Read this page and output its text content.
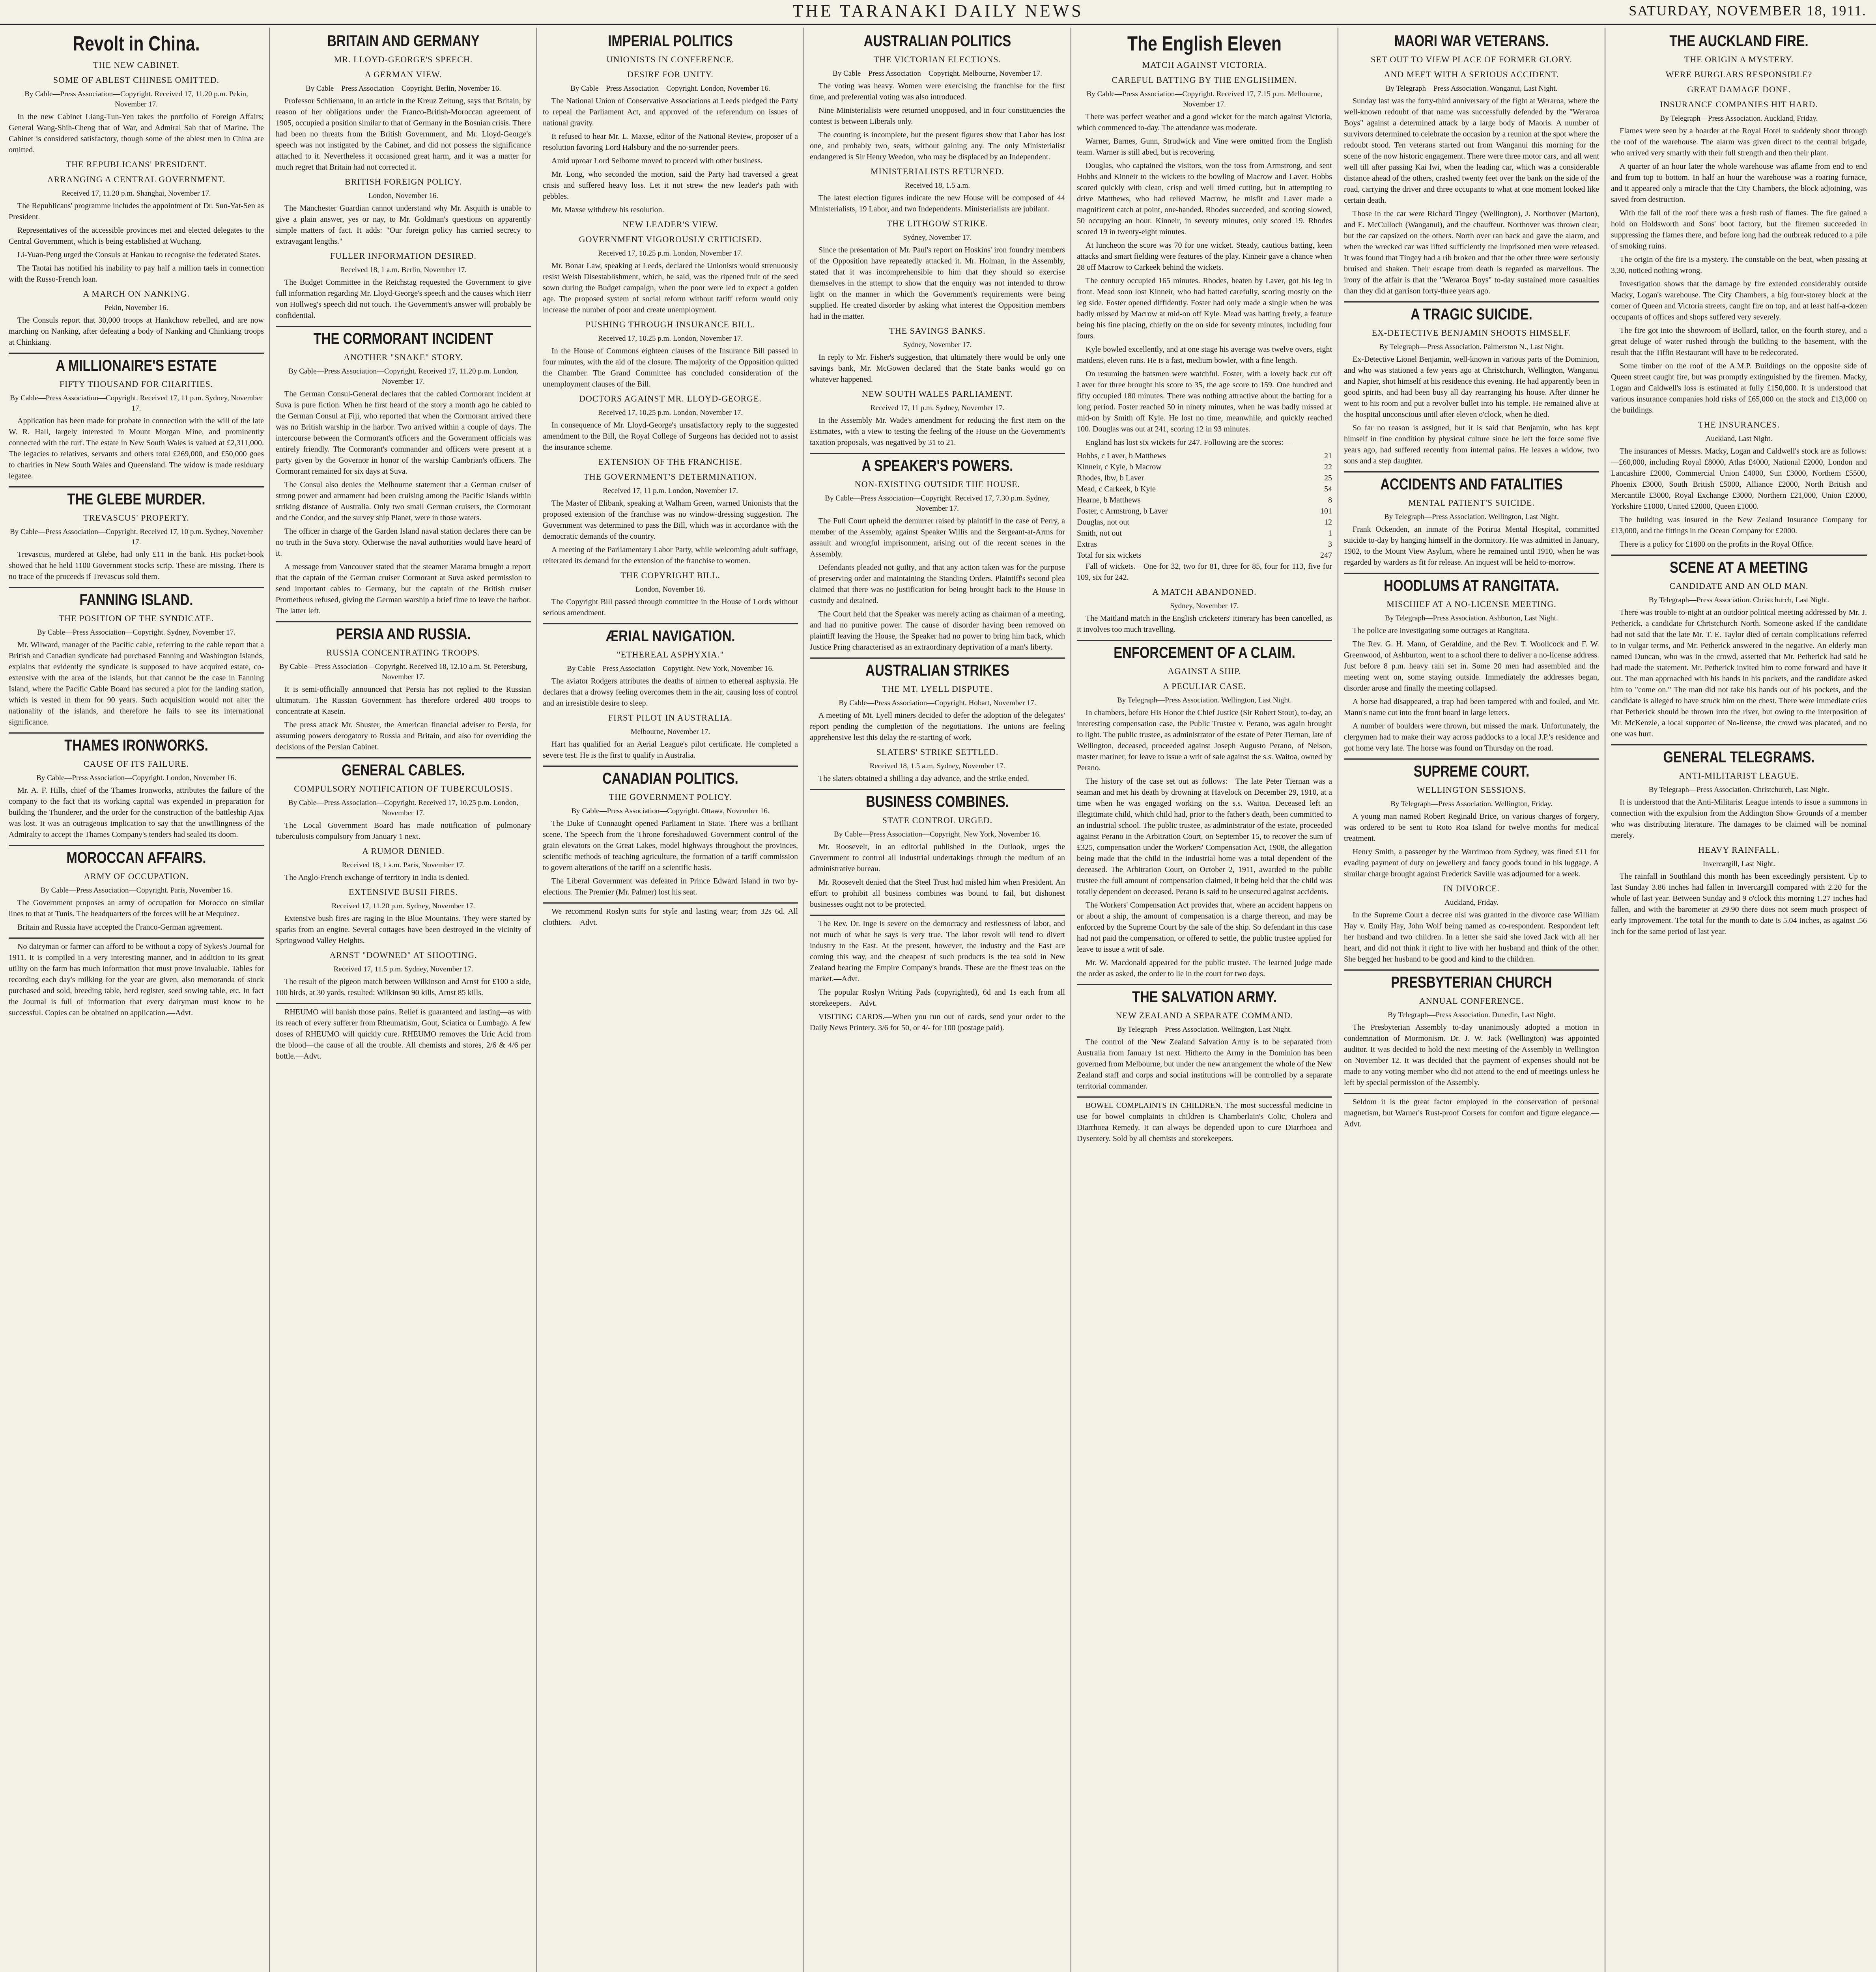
THE TARANAKI DAILY NEWS	SATURDAY, NOVEMBER 18, 1911.
Revolt in China.
THE NEW CABINET.
SOME OF ABLEST CHINESE OMITTED.
By Cable—Press Association—Copyright. Received 17, 11.20 p.m. Pekin, November 17.

In the new Cabinet Liang-Tun-Yen takes the portfolio of Foreign Affairs; General Wang-Shih-Cheng that of War, and Admiral Sah that of Marine. The Cabinet is considered satisfactory, though some of the ablest men in China are omitted.

THE REPUBLICANS' PRESIDENT.
ARRANGING A CENTRAL GOVERNMENT.
Received 17, 11.20 p.m. Shanghai, November 17.

The Republicans' programme includes the appointment of Dr. Sun-Yat-Sen as President.

Representatives of the accessible provinces met and elected delegates to the Central Government, which is being established at Wuchang.

Li-Yuan-Peng urged the Consuls at Hankau to recognise the federated States.

The Taotai has notified his inability to pay half a million taels in connection with the Russo-French loan.

A MARCH ON NANKING.
Pekin, November 16.

The Consuls report that 30,000 troops at Hankchow rebelled, and are now marching on Nanking, after defeating a body of Nanking and Chinkiang troops at Chinkiang.

A MILLIONAIRE'S ESTATE
FIFTY THOUSAND FOR CHARITIES.
By Cable—Press Association—Copyright. Received 17, 11 p.m. Sydney, November 17.

Application has been made for probate in connection with the will of the late W. R. Hall, largely interested in Mount Morgan Mine, and prominently connected with the turf. The estate in New South Wales is valued at £2,311,000. The legacies to relatives, servants and others total £269,000, and £50,000 goes to charities in New South Wales and Queensland. The widow is made residuary legatee.

THE GLEBE MURDER.
TREVASCUS' PROPERTY.
By Cable—Press Association—Copyright. Received 17, 10 p.m. Sydney, November 17.

Trevascus, murdered at Glebe, had only £11 in the bank. His pocket-book showed that he held 1100 Government stocks scrip. These are missing. There is no trace of the proceeds if Trevascus sold them.

FANNING ISLAND.
THE POSITION OF THE SYNDICATE.
By Cable—Press Association—Copyright. Sydney, November 17.

Mr. Wilward, manager of the Pacific cable, referring to the cable report that a British and Canadian syndicate had purchased Fanning and Washington Islands, explains that evidently the syndicate is supposed to have acquired estate, co-extensive with the area of the islands, but that cannot be the case in Fanning Island, where the Pacific Cable Board has secured a plot for the landing station, which is vested in them for 90 years. Such acquisition would not alter the nationality of the islands, and therefore he fails to see its international significance.

THAMES IRONWORKS.
CAUSE OF ITS FAILURE.
By Cable—Press Association—Copyright. London, November 16.

Mr. A. F. Hills, chief of the Thames Ironworks, attributes the failure of the company to the fact that its working capital was expended in preparation for building the Thunderer, and the order for the construction of the battleship Ajax was lost. It was an outrageous implication to say that the unwillingness of the Admiralty to accept the Thames Company's tenders had sealed its doom.

MOROCCAN AFFAIRS.
ARMY OF OCCUPATION.
By Cable—Press Association—Copyright. Paris, November 16.

The Government proposes an army of occupation for Morocco on similar lines to that at Tunis. The headquarters of the forces will be at Mequinez.

Britain and Russia have accepted the Franco-German agreement.

No dairyman or farmer can afford to be without a copy of Sykes's Journal for 1911. It is compiled in a very interesting manner, and in addition to its great utility on the farm has much information that must prove invaluable. Tables for recording each day's milking for the year are given, also memoranda of stock purchased and sold, breeding table, herd register, seed sowing table, etc. In fact the Journal is full of information that every dairyman must know to be successful. Copies can be obtained on application.—Advt.

BRITAIN AND GERMANY
MR. LLOYD-GEORGE'S SPEECH.
A GERMAN VIEW.
By Cable—Press Association—Copyright. Berlin, November 16.

Professor Schliemann, in an article in the Kreuz Zeitung, says that Britain, by reason of her obligations under the Franco-British-Moroccan agreement of 1905, occupied a position similar to that of Germany in the Bosnian crisis. There had been no threats from the British Government, and Mr. Lloyd-George's speech was not instigated by the Cabinet, and did not possess the significance attached to it. Nevertheless it occasioned great harm, and it was a matter for much regret that Britain had not corrected it.

BRITISH FOREIGN POLICY.
London, November 16.

The Manchester Guardian cannot understand why Mr. Asquith is unable to give a plain answer, yes or nay, to Mr. Goldman's questions on apparently simple matters of fact. It adds: "Our foreign policy has carried secrecy to extravagant lengths."

FULLER INFORMATION DESIRED.
Received 18, 1 a.m. Berlin, November 17.

The Budget Committee in the Reichstag requested the Government to give full information regarding Mr. Lloyd-George's speech and the causes which Herr von Hollweg's speech did not touch. The Government's answer will probably be confidential.

THE CORMORANT INCIDENT
ANOTHER "SNAKE" STORY.
By Cable—Press Association—Copyright. Received 17, 11.20 p.m. London, November 17.

The German Consul-General declares that the cabled Cormorant incident at Suva is pure fiction. When he first heard of the story a month ago he cabled to the German Consul at Fiji, who reported that when the Cormorant arrived there was no British warship in the harbor. Two arrived within a couple of days. The intercourse between the Cormorant's officers and the Government officials was entirely friendly. The Cormorant's commander and officers were present at a party given by the Governor in honor of the warship Cambrian's officers. The Cormorant remained for six days at Suva.

The Consul also denies the Melbourne statement that a German cruiser of strong power and armament had been cruising among the Pacific Islands within striking distance of Australia. Only two small German cruisers, the Cormorant and the Condor, and the survey ship Planet, were in those waters.

The officer in charge of the Garden Island naval station declares there can be no truth in the Suva story. Otherwise the naval authorities would have heard of it.

A message from Vancouver stated that the steamer Marama brought a report that the captain of the German cruiser Cormorant at Suva asked permission to send important cables to Germany, but the captain of the British cruiser Prometheus refused, giving the German warship a brief time to leave the harbor. The latter left.

PERSIA AND RUSSIA.
RUSSIA CONCENTRATING TROOPS.
By Cable—Press Association—Copyright. Received 18, 12.10 a.m. St. Petersburg, November 17.

It is semi-officially announced that Persia has not replied to the Russian ultimatum. The Russian Government has therefore ordered 400 troops to concentrate at Kasein.

The press attack Mr. Shuster, the American financial adviser to Persia, for assuming powers derogatory to Russia and Britain, and also for overriding the decisions of the Persian Cabinet.

GENERAL CABLES.
COMPULSORY NOTIFICATION OF TUBERCULOSIS.
By Cable—Press Association—Copyright. Received 17, 10.25 p.m. London, November 17.

The Local Government Board has made notification of pulmonary tuberculosis compulsory from January 1 next.

A RUMOR DENIED.
Received 18, 1 a.m. Paris, November 17.

The Anglo-French exchange of territory in India is denied.

EXTENSIVE BUSH FIRES.
Received 17, 11.20 p.m. Sydney, November 17.

Extensive bush fires are raging in the Blue Mountains. They were started by sparks from an engine. Several cottages have been destroyed in the vicinity of Springwood Valley Heights.

ARNST "DOWNED" AT SHOOTING.
Received 17, 11.5 p.m. Sydney, November 17.

The result of the pigeon match between Wilkinson and Arnst for £100 a side, 100 birds, at 30 yards, resulted: Wilkinson 90 kills, Arnst 85 kills.

RHEUMO will banish those pains. Relief is guaranteed and lasting—as with its reach of every sufferer from Rheumatism, Gout, Sciatica or Lumbago. A few doses of RHEUMO will quickly cure. RHEUMO removes the Uric Acid from the blood—the cause of all the trouble. All chemists and stores, 2/6 & 4/6 per bottle.—Advt.

IMPERIAL POLITICS
UNIONISTS IN CONFERENCE.
DESIRE FOR UNITY.
By Cable—Press Association—Copyright. London, November 16.

The National Union of Conservative Associations at Leeds pledged the Party to repeal the Parliament Act, and approved of the referendum on issues of national gravity.

It refused to hear Mr. L. Maxse, editor of the National Review, proposer of a resolution favoring Lord Halsbury and the no-surrender peers.

Amid uproar Lord Selborne moved to proceed with other business.

Mr. Long, who seconded the motion, said the Party had traversed a great crisis and suffered heavy loss. Let it not strew the new leader's path with pebbles.

Mr. Maxse withdrew his resolution.

NEW LEADER'S VIEW.
GOVERNMENT VIGOROUSLY CRITICISED.
Received 17, 10.25 p.m. London, November 17.

Mr. Bonar Law, speaking at Leeds, declared the Unionists would strenuously resist Welsh Disestablishment, which, he said, was the ripened fruit of the seed sown during the Budget campaign, when the poor were led to expect a golden age. The proposed system of social reform without tariff reform would only increase the number of poor and create unemployment.

PUSHING THROUGH INSURANCE BILL.
Received 17, 10.25 p.m. London, November 17.

In the House of Commons eighteen clauses of the Insurance Bill passed in four minutes, with the aid of the closure. The majority of the Opposition quitted the Chamber. The Grand Committee has concluded consideration of the unemployment clauses of the Bill.

DOCTORS AGAINST MR. LLOYD-GEORGE.
Received 17, 10.25 p.m. London, November 17.

In consequence of Mr. Lloyd-George's unsatisfactory reply to the suggested amendment to the Bill, the Royal College of Surgeons has decided not to assist the insurance scheme.

EXTENSION OF THE FRANCHISE.
THE GOVERNMENT'S DETERMINATION.
Received 17, 11 p.m. London, November 17.

The Master of Elibank, speaking at Walham Green, warned Unionists that the proposed extension of the franchise was no window-dressing suggestion. The Government was determined to pass the Bill, which was in accordance with the democratic demands of the country.

A meeting of the Parliamentary Labor Party, while welcoming adult suffrage, reiterated its demand for the extension of the franchise to women.

THE COPYRIGHT BILL.
London, November 16.

The Copyright Bill passed through committee in the House of Lords without serious amendment.

ÆRIAL NAVIGATION.
"ETHEREAL ASPHYXIA."
By Cable—Press Association—Copyright. New York, November 16.

The aviator Rodgers attributes the deaths of airmen to ethereal asphyxia. He declares that a drowsy feeling overcomes them in the air, causing loss of control and an irresistible desire to sleep.

FIRST PILOT IN AUSTRALIA.
Melbourne, November 17.

Hart has qualified for an Aerial League's pilot certificate. He completed a severe test. He is the first to qualify in Australia.

CANADIAN POLITICS.
THE GOVERNMENT POLICY.
By Cable—Press Association—Copyright. Ottawa, November 16.

The Duke of Connaught opened Parliament in State. There was a brilliant scene. The Speech from the Throne foreshadowed Government control of the grain elevators on the Great Lakes, model highways throughout the provinces, scientific methods of teaching agriculture, the formation of a tariff commission to govern alterations of the tariff on a scientific basis.

The Liberal Government was defeated in Prince Edward Island in two by-elections. The Premier (Mr. Palmer) lost his seat.

We recommend Roslyn suits for style and lasting wear; from 32s 6d. All clothiers.—Advt.

AUSTRALIAN POLITICS
THE VICTORIAN ELECTIONS.
By Cable—Press Association—Copyright. Melbourne, November 17.

The voting was heavy. Women were exercising the franchise for the first time, and preferential voting was also introduced.

Nine Ministerialists were returned unopposed, and in four constituencies the contest is between Liberals only.

The counting is incomplete, but the present figures show that Labor has lost one, and probably two, seats, without gaining any. The only Ministerialist endangered is Sir Henry Weedon, who may be displaced by an Independent.

MINISTERIALISTS RETURNED.
Received 18, 1.5 a.m.

The latest election figures indicate the new House will be composed of 44 Ministerialists, 19 Labor, and two Independents. Ministerialists are jubilant.

THE LITHGOW STRIKE.
Sydney, November 17.

Since the presentation of Mr. Paul's report on Hoskins' iron foundry members of the Opposition have repeatedly attacked it. Mr. Holman, in the Assembly, stated that it was incomprehensible to him that they should so exercise themselves in the attempt to show that the enquiry was not intended to throw light on the manner in which the Government's requirements were being supplied. He created disorder by asking what interest the Opposition members had in the matter.

THE SAVINGS BANKS.
Sydney, November 17.

In reply to Mr. Fisher's suggestion, that ultimately there would be only one savings bank, Mr. McGowen declared that the State banks would go on whatever happened.

NEW SOUTH WALES PARLIAMENT.
Received 17, 11 p.m. Sydney, November 17.

In the Assembly Mr. Wade's amendment for reducing the first item on the Estimates, with a view to testing the feeling of the House on the Government's taxation proposals, was negatived by 31 to 21.

A SPEAKER'S POWERS.
NON-EXISTING OUTSIDE THE HOUSE.
By Cable—Press Association—Copyright. Received 17, 7.30 p.m. Sydney, November 17.

The Full Court upheld the demurrer raised by plaintiff in the case of Perry, a member of the Assembly, against Speaker Willis and the Sergeant-at-Arms for assault and wrongful imprisonment, arising out of the recent scenes in the Assembly.

Defendants pleaded not guilty, and that any action taken was for the purpose of preserving order and maintaining the Standing Orders. Plaintiff's second plea claimed that there was no justification for being brought back to the House in custody and detained.

The Court held that the Speaker was merely acting as chairman of a meeting, and had no punitive power. The cause of disorder having been removed on plaintiff leaving the House, the Speaker had no power to bring him back, which Justice Pring characterised as an extraordinary deprivation of a man's liberty.

AUSTRALIAN STRIKES
THE MT. LYELL DISPUTE.
By Cable—Press Association—Copyright. Hobart, November 17.

A meeting of Mt. Lyell miners decided to defer the adoption of the delegates' report pending the completion of the negotiations. The unions are feeling apprehensive lest this delay the re-starting of work.

SLATERS' STRIKE SETTLED.
Received 18, 1.5 a.m. Sydney, November 17.

The slaters obtained a shilling a day advance, and the strike ended.

BUSINESS COMBINES.
STATE CONTROL URGED.
By Cable—Press Association—Copyright. New York, November 16.

Mr. Roosevelt, in an editorial published in the Outlook, urges the Government to control all industrial undertakings through the medium of an administrative bureau.

Mr. Roosevelt denied that the Steel Trust had misled him when President. An effort to prohibit all business combines was bound to fail, but dishonest businesses ought not to be protected.

The Rev. Dr. Inge is severe on the democracy and restlessness of labor, and not much of what he says is very true. The labor revolt will tend to divert industry to the East. At the present, however, the industry and the East are coming this way, and the cheapest of such products is the tea sold in New Zealand bearing the Empire Company's brands. These are the finest teas on the market.—Advt.

The popular Roslyn Writing Pads (copyrighted), 6d and 1s each from all storekeepers.—Advt.

VISITING CARDS.—When you run out of cards, send your order to the Daily News Printery. 3/6 for 50, or 4/- for 100 (postage paid).

The English Eleven
MATCH AGAINST VICTORIA.
CAREFUL BATTING BY THE ENGLISHMEN.
By Cable—Press Association—Copyright. Received 17, 7.15 p.m. Melbourne, November 17.

There was perfect weather and a good wicket for the match against Victoria, which commenced to-day. The attendance was moderate.

Warner, Barnes, Gunn, Strudwick and Vine were omitted from the English team. Warner is still abed, but is recovering.

Douglas, who captained the visitors, won the toss from Armstrong, and sent Hobbs and Kinneir to the wickets to the bowling of Macrow and Laver. Hobbs scored quickly with clean, crisp and well timed cutting, but in attempting to drive Matthews, who had relieved Macrow, he misfit and Laver made a magnificent catch at point, one-handed. Rhodes succeeded, and scoring slowed, 50 occupying an hour. Kinneir, in seventy minutes, only scored 19. Rhodes scored 19 in twenty-eight minutes.

At luncheon the score was 70 for one wicket. Steady, cautious batting, keen attacks and smart fielding were features of the play. Kinneir gave a chance when 28 off Macrow to Carkeek behind the wickets.

The century occupied 165 minutes. Rhodes, beaten by Laver, got his leg in front. Mead soon lost Kinneir, who had batted carefully, scoring mostly on the leg side. Foster opened diffidently. Foster had only made a single when he was badly missed by Macrow at mid-on off Kyle. Mead was batting freely, a feature being his fine placing, chiefly on the on side for seventy minutes, including four fours.

Kyle bowled excellently, and at one stage his average was twelve overs, eight maidens, eleven runs. He is a fast, medium bowler, with a fine length.

On resuming the batsmen were watchful. Foster, with a lovely back cut off Laver for three brought his score to 35, the age score to 159. One hundred and fifty occupied 180 minutes. There was nothing attractive about the batting for a long period. Foster reached 50 in ninety minutes, when he was badly missed at mid-on by Smith off Kyle. He lost no time, meanwhile, and quickly reached 100. Douglas was out at 241, scoring 12 in 93 minutes.

England has lost six wickets for 247. Following are the scores:—

Hobbs, c Laver, b Matthews	21
Kinneir, c Kyle, b Macrow	22
Rhodes, lbw, b Laver	25
Mead, c Carkeek, b Kyle	54
Hearne, b Matthews	8
Foster, c Armstrong, b Laver	101
Douglas, not out	12
Smith, not out	1
Extras	3
Total for six wickets	247

Fall of wickets.—One for 32, two for 81, three for 85, four for 113, five for 109, six for 242.

A MATCH ABANDONED.
Sydney, November 17.

The Maitland match in the English cricketers' itinerary has been cancelled, as it involves too much travelling.

ENFORCEMENT OF A CLAIM.
AGAINST A SHIP.
A PECULIAR CASE.
By Telegraph—Press Association. Wellington, Last Night.

In chambers, before His Honor the Chief Justice (Sir Robert Stout), to-day, an interesting compensation case, the Public Trustee v. Perano, was again brought to light. The public trustee, as administrator of the estate of Peter Tiernan, late of Wellington, deceased, proceeded against Joseph Augusto Perano, of Nelson, master mariner, for leave to issue a writ of sale against the s.s. Waitoa, owned by Perano.

The history of the case set out as follows:—The late Peter Tiernan was a seaman and met his death by drowning at Havelock on December 29, 1910, at a time when he was engaged working on the s.s. Waitoa. Deceased left an illegitimate child, which child had, prior to the father's death, been committed to an industrial school. The public trustee, as administrator of the estate, proceeded against Perano in the Arbitration Court, on September 15, to recover the sum of £325, compensation under the Workers' Compensation Act, 1908, the allegation being made that the child in the industrial home was a total dependent of the deceased. The Arbitration Court, on October 2, 1911, awarded to the public trustee the full amount of compensation claimed, it being held that the child was totally dependent on deceased. Perano is said to be unsecured against accidents.

The Workers' Compensation Act provides that, where an accident happens on or about a ship, the amount of compensation is a charge thereon, and may be enforced by the Supreme Court by the sale of the ship. So defendant in this case had not paid the compensation, or offered to settle, the public trustee applied for leave to issue a writ of sale.

Mr. W. Macdonald appeared for the public trustee. The learned judge made the order as asked, the order to lie in the court for two days.

THE SALVATION ARMY.
NEW ZEALAND A SEPARATE COMMAND.
By Telegraph—Press Association. Wellington, Last Night.

The control of the New Zealand Salvation Army is to be separated from Australia from January 1st next. Hitherto the Army in the Dominion has been governed from Melbourne, but under the new arrangement the whole of the New Zealand staff and corps and social institutions will be controlled by a separate territorial commander.

BOWEL COMPLAINTS IN CHILDREN. The most successful medicine in use for bowel complaints in children is Chamberlain's Colic, Cholera and Diarrhoea Remedy. It can always be depended upon to cure Diarrhoea and Dysentery. Sold by all chemists and storekeepers.

MAORI WAR VETERANS.
SET OUT TO VIEW PLACE OF FORMER GLORY.
AND MEET WITH A SERIOUS ACCIDENT.
By Telegraph—Press Association. Wanganui, Last Night.

Sunday last was the forty-third anniversary of the fight at Weraroa, where the well-known redoubt of that name was successfully defended by the "Weraroa Boys" against a determined attack by a large body of Maoris. A number of survivors determined to celebrate the occasion by a reunion at the spot where the redoubt stood. Ten veterans started out from Wanganui this morning for the scene of the now historic engagement. There were three motor cars, and all went well till after passing Kai Iwi, when the leading car, which was a considerable distance ahead of the others, crashed twenty feet over the bank on the side of the road, carrying the driver and three occupants to what at one moment looked like certain death.

Those in the car were Richard Tingey (Wellington), J. Northover (Marton), and E. McCulloch (Wanganui), and the chauffeur. Northover was thrown clear, but the car capsized on the others. North over ran back and gave the alarm, and when the wrecked car was lifted sufficiently the imprisoned men were released. It was found that Tingey had a rib broken and that the other three were seriously bruised and shaken. Their escape from death is regarded as marvellous. The irony of the affair is that the "Weraroa Boys" to-day sustained more casualties than they did at garrison forty-three years ago.

A TRAGIC SUICIDE.
EX-DETECTIVE BENJAMIN SHOOTS HIMSELF.
By Telegraph—Press Association. Palmerston N., Last Night.

Ex-Detective Lionel Benjamin, well-known in various parts of the Dominion, and who was stationed a few years ago at Christchurch, Wellington, Wanganui and Napier, shot himself at his residence this evening. He had apparently been in good spirits, and had been busy all day rearranging his house. After dinner he went to his room and put a revolver bullet into his temple. He remained alive at the hospital unconscious until after eleven o'clock, when he died.

So far no reason is assigned, but it is said that Benjamin, who has kept himself in fine condition by physical culture since he left the force some five years ago, had suffered recently from internal pains. He leaves a widow, two sons and a step daughter.

ACCIDENTS AND FATALITIES
MENTAL PATIENT'S SUICIDE.
By Telegraph—Press Association. Wellington, Last Night.

Frank Ockenden, an inmate of the Porirua Mental Hospital, committed suicide to-day by hanging himself in the dormitory. He was admitted in January, 1902, to the Mount View Asylum, where he remained until 1910, when he was regarded by warders as fit for release. An inquest will be held to-morrow.

HOODLUMS AT RANGITATA.
MISCHIEF AT A NO-LICENSE MEETING.
By Telegraph—Press Association. Ashburton, Last Night.

The police are investigating some outrages at Rangitata.

The Rev. G. H. Mann, of Geraldine, and the Rev. T. Woollcock and F. W. Greenwood, of Ashburton, went to a school there to deliver a no-license address. Just before 8 p.m. heavy rain set in. Some 20 men had assembled and the meeting went on, some staying outside. Immediately the addresses began, disorder arose and finally the meeting collapsed.

A horse had disappeared, a trap had been tampered with and fouled, and Mr. Mann's name cut into the front board in large letters.

A number of boulders were thrown, but missed the mark. Unfortunately, the clergymen had to make their way across paddocks to a local J.P.'s residence and got home very late. The horse was found on Thursday on the road.

SUPREME COURT.
WELLINGTON SESSIONS.
By Telegraph—Press Association. Wellington, Friday.

A young man named Robert Reginald Brice, on various charges of forgery, was ordered to be sent to Roto Roa Island for twelve months for medical treatment.

Henry Smith, a passenger by the Warrimoo from Sydney, was fined £11 for evading payment of duty on jewellery and fancy goods found in his luggage. A similar charge brought against Frederick Saville was adjourned for a week.

IN DIVORCE.
Auckland, Friday.

In the Supreme Court a decree nisi was granted in the divorce case William Hay v. Emily Hay, John Wolf being named as co-respondent. Respondent left her husband and two children. In a letter she said she loved Jack with all her heart, and did not think it right to live with her husband and think of the other. She begged her husband to be good and kind to the children.

PRESBYTERIAN CHURCH
ANNUAL CONFERENCE.
By Telegraph—Press Association. Dunedin, Last Night.

The Presbyterian Assembly to-day unanimously adopted a motion in condemnation of Mormonism. Dr. J. W. Jack (Wellington) was appointed auditor. It was decided to hold the next meeting of the Assembly in Wellington on November 12. It was decided that the payment of expenses should not be made to any voting member who did not attend to the end of meetings unless he left by special permission of the Assembly.

Seldom it is the great factor employed in the conservation of personal magnetism, but Warner's Rust-proof Corsets for comfort and figure elegance.—Advt.

THE AUCKLAND FIRE.
THE ORIGIN A MYSTERY.
WERE BURGLARS RESPONSIBLE?
GREAT DAMAGE DONE.
INSURANCE COMPANIES HIT HARD.
By Telegraph—Press Association. Auckland, Friday.

Flames were seen by a boarder at the Royal Hotel to suddenly shoot through the roof of the warehouse. The alarm was given direct to the central brigade, who arrived very smartly with their full strength and then their plant.

A quarter of an hour later the whole warehouse was aflame from end to end and from top to bottom. In half an hour the warehouse was a roaring furnace, and it appeared only a miracle that the City Chambers, the block adjoining, was saved from destruction.

With the fall of the roof there was a fresh rush of flames. The fire gained a hold on Holdsworth and Sons' boot factory, but the firemen succeeded in suppressing the flames there, and before long had the outbreak reduced to a pile of smoking ruins.

The origin of the fire is a mystery. The constable on the beat, when passing at 3.30, noticed nothing wrong.

Investigation shows that the damage by fire extended considerably outside Macky, Logan's warehouse. The City Chambers, a big four-storey block at the corner of Queen and Victoria streets, caught fire on top, and at least half-a-dozen occupants of offices and shops suffered very severely.

The fire got into the showroom of Bollard, tailor, on the fourth storey, and a great deluge of water rushed through the building to the basement, with the result that the Tiffin Restaurant will have to be redecorated.

Some timber on the roof of the A.M.P. Buildings on the opposite side of Queen street caught fire, but was promptly extinguished by the firemen. Macky, Logan and Caldwell's loss is estimated at fully £150,000. It is understood that various insurance companies hold risks of £65,000 on the stock and £13,000 on the buildings.

THE INSURANCES.
Auckland, Last Night.

The insurances of Messrs. Macky, Logan and Caldwell's stock are as follows:—£60,000, including Royal £8000, Atlas £4000, National £2000, London and Lancashire £2000, Commercial Union £4000, Sun £3000, Northern £5500, Phoenix £3000, South British £5000, Alliance £2000, North British and Mercantile £3000, Royal Exchange £3000, Northern £21,000, Union £2000, Yorkshire £1000, United £2000, Queen £1000.

The building was insured in the New Zealand Insurance Company for £13,000, and the fittings in the Ocean Company for £2000.

There is a policy for £1800 on the profits in the Royal Office.

SCENE AT A MEETING
CANDIDATE AND AN OLD MAN.
By Telegraph—Press Association. Christchurch, Last Night.

There was trouble to-night at an outdoor political meeting addressed by Mr. J. Petherick, a candidate for Christchurch North. Someone asked if the candidate had not said that the late Mr. T. E. Taylor died of certain complications referred to in vulgar terms, and Mr. Petherick answered in the negative. An elderly man named Duncan, who was in the crowd, asserted that Mr. Petherick had said he had made the statement. Mr. Petherick invited him to come forward and have it out. The man approached with his hands in his pockets, and the candidate asked him to "come on." The man did not take his hands out of his pockets, and the candidate is alleged to have struck him on the chest. There were immediate cries that Petherick should be thrown into the river, but owing to the interposition of Mr. McKenzie, a local supporter of No-license, the crowd was placated, and no one was hurt.

GENERAL TELEGRAMS.
ANTI-MILITARIST LEAGUE.
By Telegraph—Press Association. Christchurch, Last Night.

It is understood that the Anti-Militarist League intends to issue a summons in connection with the expulsion from the Addington Show Grounds of a member who was distributing literature. The damages to be claimed will be nominal merely.

HEAVY RAINFALL.
Invercargill, Last Night.

The rainfall in Southland this month has been exceedingly persistent. Up to last Sunday 3.86 inches had fallen in Invercargill compared with 2.20 for the whole of last year. Between Sunday and 9 o'clock this morning 1.27 inches had fallen, and with the barometer at 29.90 there does not seem much prospect of early improvement. The total for the month to date is 5.04 inches, as against .56 inch for the same period of last year.
